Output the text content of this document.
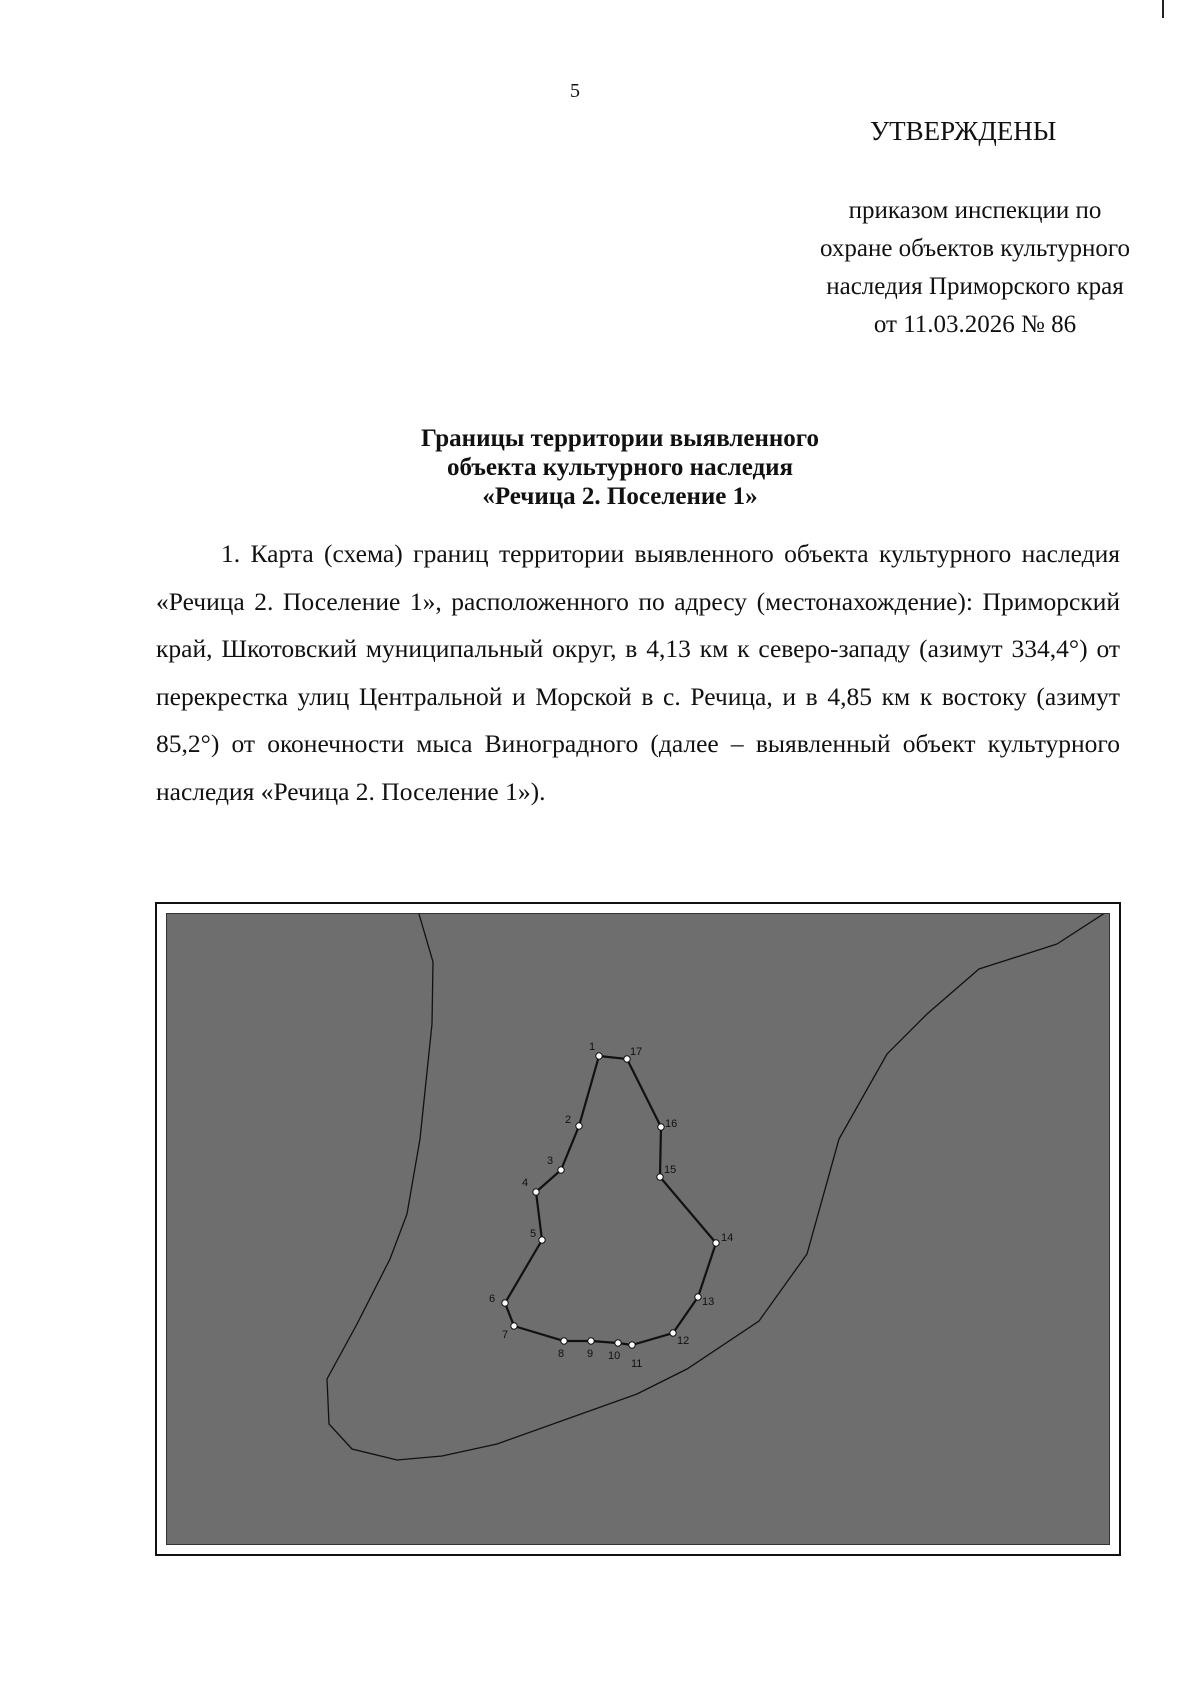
5
УТВЕРЖДЕНЫ
приказом инспекции по
охране объектов культурного
наследия Приморского края
от 11.03.2026 № 86
Границы территории выявленного
объекта культурного наследия
«Речица 2. Поселение 1»
1. Карта (схема) границ территории выявленного объекта культурного наследия «Речица 2. Поселение 1», расположенного по адресу (местонахождение): Приморский край, Шкотовский муниципальный округ, в 4,13 км к северо-западу (азимут 334,4°) от перекрестка улиц Центральной и Морской в с. Речица, и в 4,85 км к востоку (азимут 85,2°) от оконечности мыса Виноградного (далее – выявленный объект культурного наследия «Речица 2. Поселение 1»).
1
2
3
4
5
6
7
8 9 10
11
12
13
14
15
16
17
